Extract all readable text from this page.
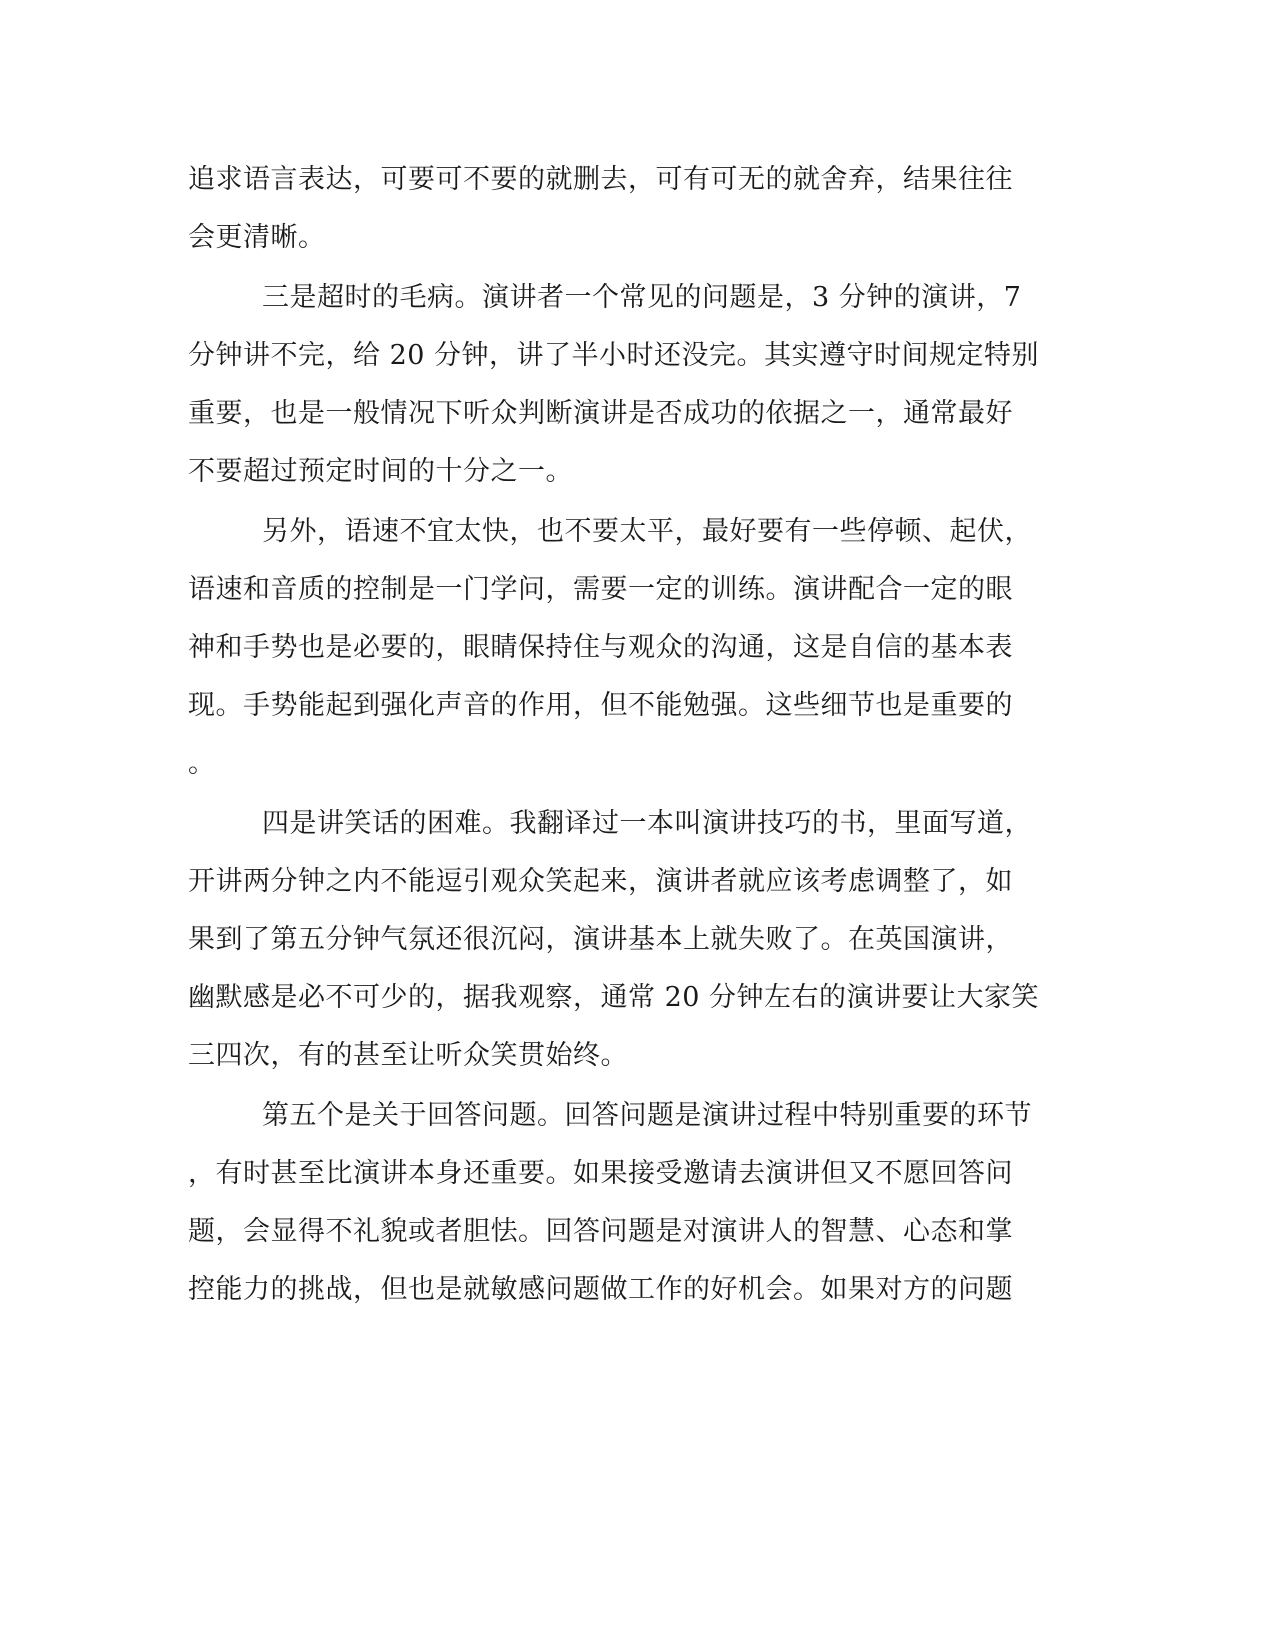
追求语言表达，可要可不要的就删去，可有可无的就舍弃，结果往往
会更清晰。
三是超时的毛病。演讲者一个常见的问题是，3 分钟的演讲，7
分钟讲不完，给 20 分钟，讲了半小时还没完。其实遵守时间规定特别
重要，也是一般情况下听众判断演讲是否成功的依据之一，通常最好
不要超过预定时间的十分之一。
另外，语速不宜太快，也不要太平，最好要有一些停顿、起伏，
语速和音质的控制是一门学问，需要一定的训练。演讲配合一定的眼
神和手势也是必要的，眼睛保持住与观众的沟通，这是自信的基本表
现。手势能起到强化声音的作用，但不能勉强。这些细节也是重要的
。
四是讲笑话的困难。我翻译过一本叫演讲技巧的书，里面写道，
开讲两分钟之内不能逗引观众笑起来，演讲者就应该考虑调整了，如
果到了第五分钟气氛还很沉闷，演讲基本上就失败了。在英国演讲，
幽默感是必不可少的，据我观察，通常 20 分钟左右的演讲要让大家笑
三四次，有的甚至让听众笑贯始终。
第五个是关于回答问题。回答问题是演讲过程中特别重要的环节
，有时甚至比演讲本身还重要。如果接受邀请去演讲但又不愿回答问
题，会显得不礼貌或者胆怯。回答问题是对演讲人的智慧、心态和掌
控能力的挑战，但也是就敏感问题做工作的好机会。如果对方的问题
